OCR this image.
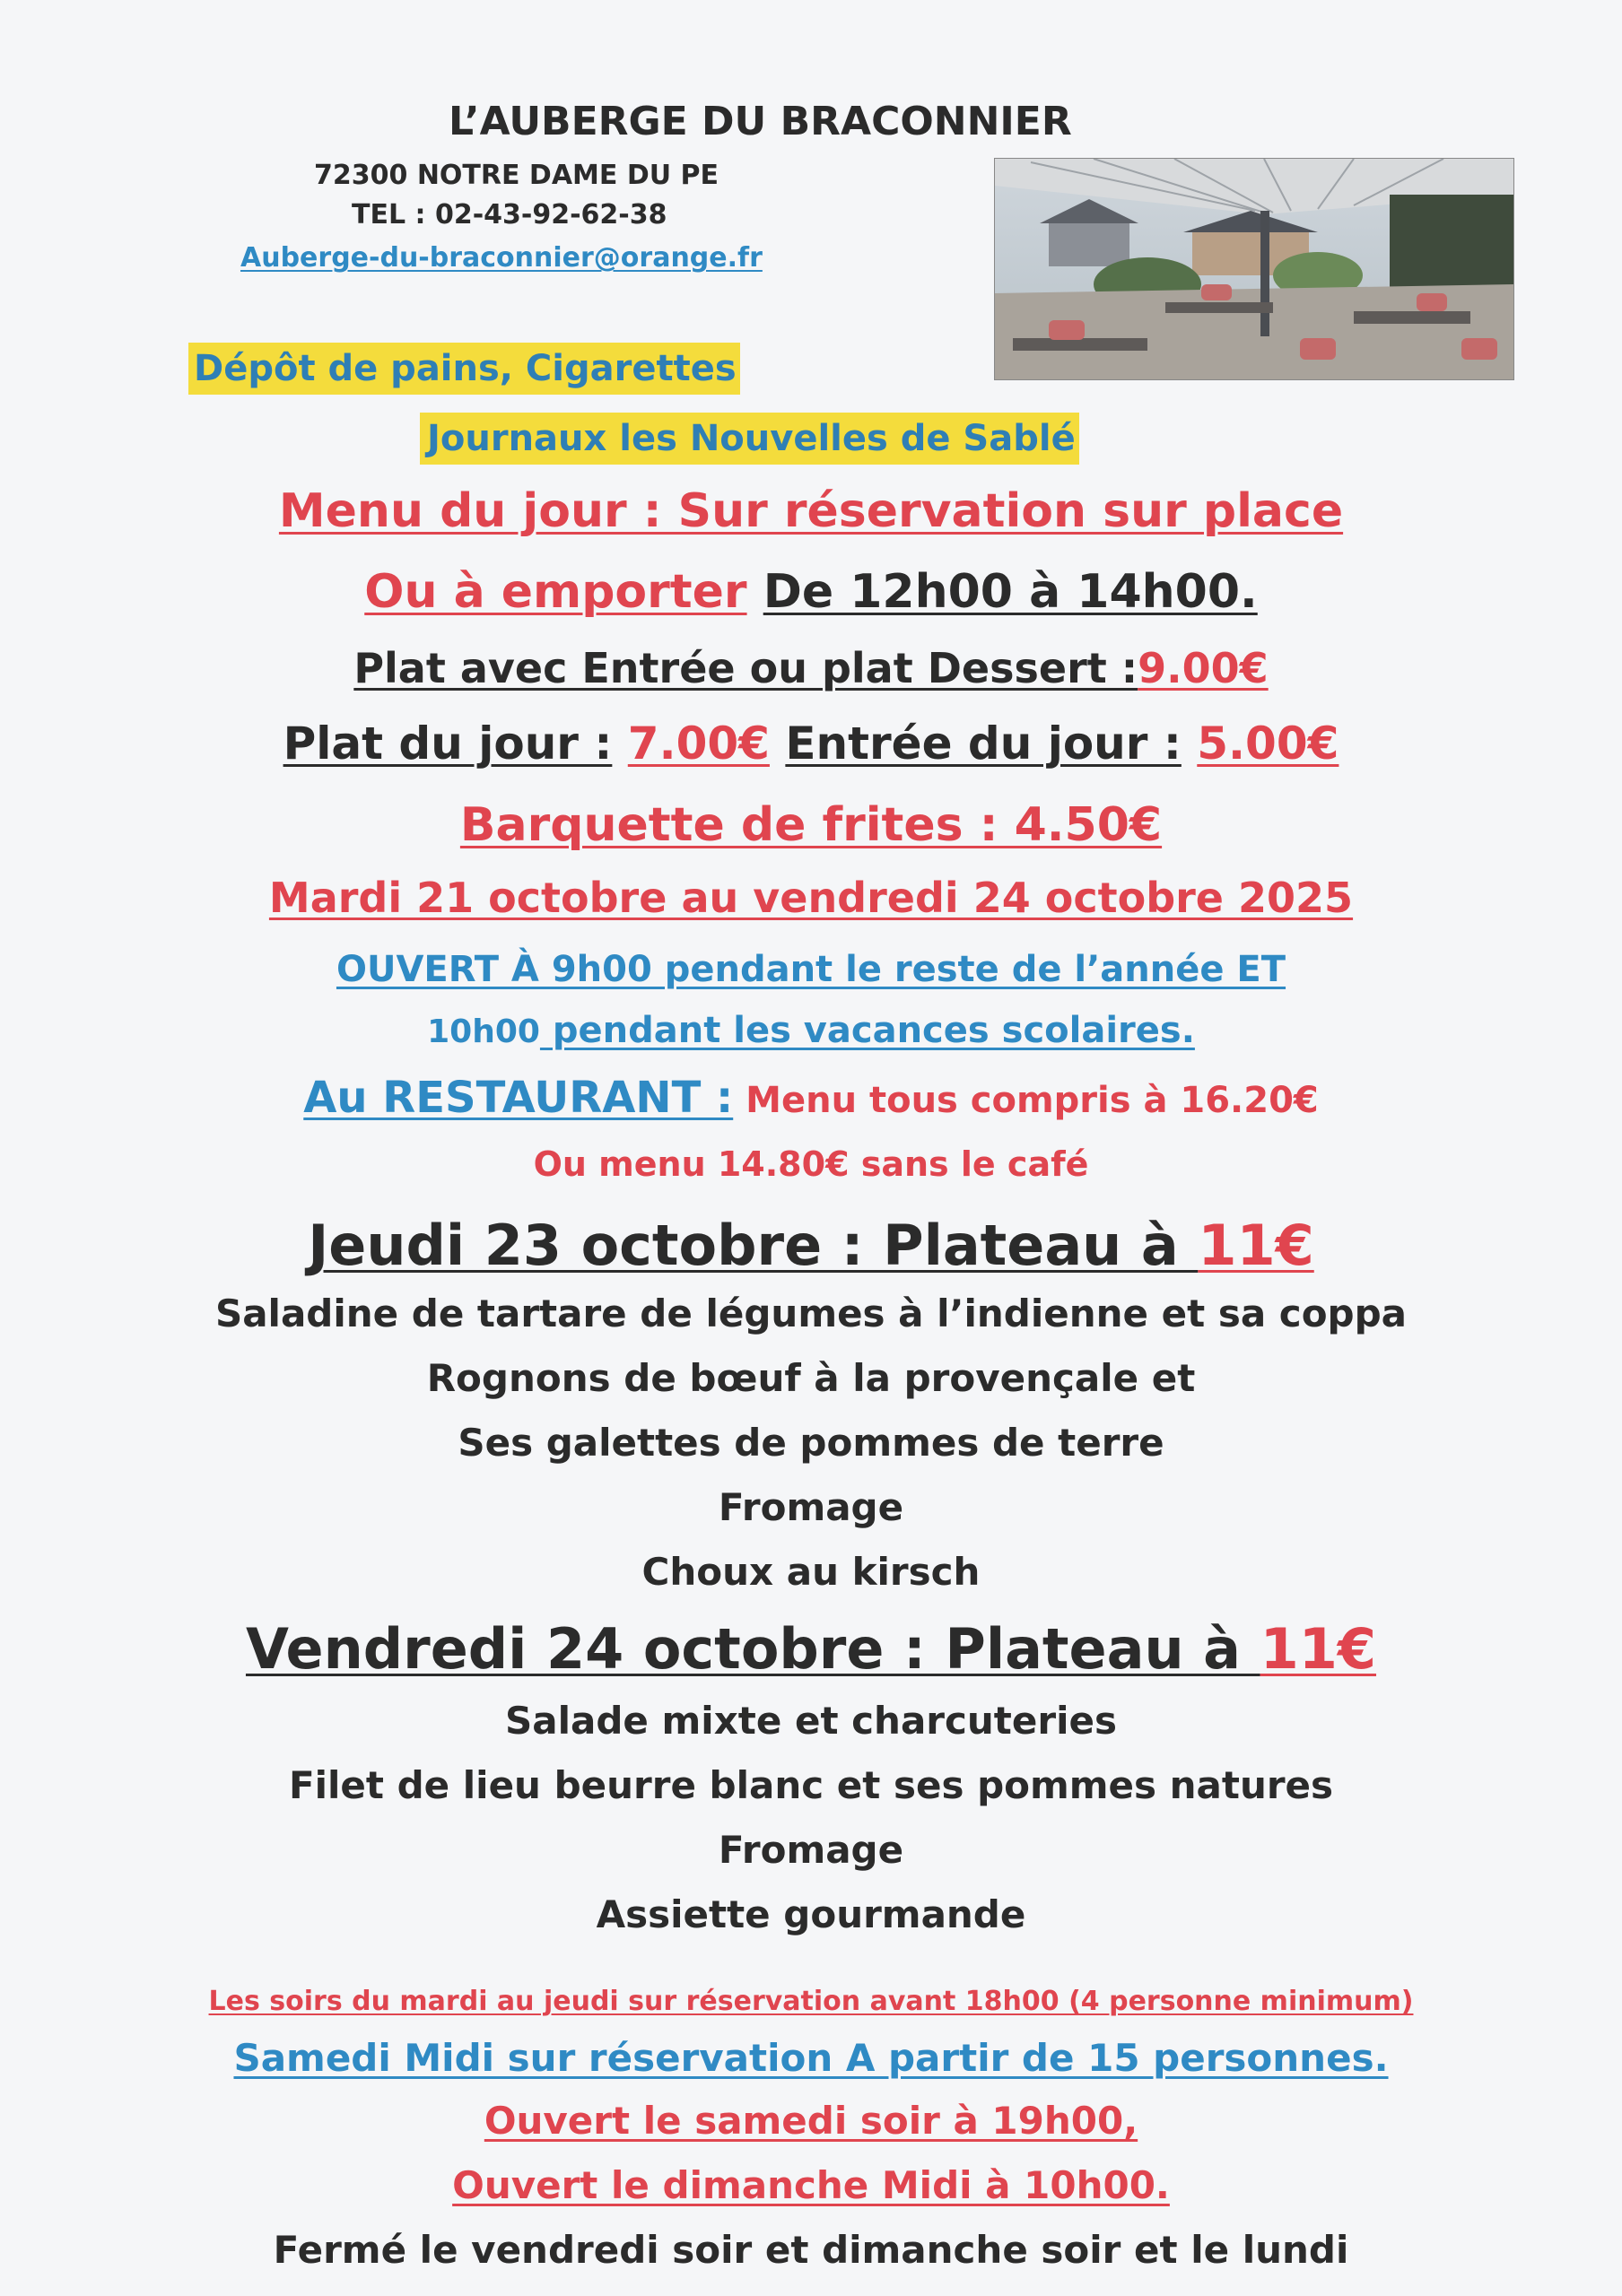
L’AUBERGE DU BRACONNIER
72300 NOTRE DAME DU PE
TEL : 02-43-92-62-38
Auberge-du-braconnier@orange.fr
Dépôt de pains, Cigarettes
Journaux les Nouvelles de Sablé
Menu du jour : Sur réservation sur place
Ou à emporter De 12h00 à 14h00.
Plat avec Entrée ou plat Dessert :9.00€
Plat du jour : 7.00€ Entrée du jour : 5.00€
Barquette de frites : 4.50€
Mardi 21 octobre au vendredi 24 octobre 2025
OUVERT À 9h00 pendant le reste de l’année ET
10h00 pendant les vacances scolaires.
Au RESTAURANT : Menu tous compris à 16.20€
Ou menu 14.80€ sans le café
Jeudi 23 octobre : Plateau à 11€
Saladine de tartare de légumes à l’indienne et sa coppa
Rognons de bœuf à la provençale et
Ses galettes de pommes de terre
Fromage
Choux au kirsch
Vendredi 24 octobre : Plateau à 11€
Salade mixte et charcuteries
Filet de lieu beurre blanc et ses pommes natures
Fromage
Assiette gourmande
Les soirs du mardi au jeudi sur réservation avant 18h00 (4 personne minimum)
Samedi Midi sur réservation A partir de 15 personnes.
Ouvert le samedi soir à 19h00,
Ouvert le dimanche Midi à 10h00.
Fermé le vendredi soir et dimanche soir et le lundi
